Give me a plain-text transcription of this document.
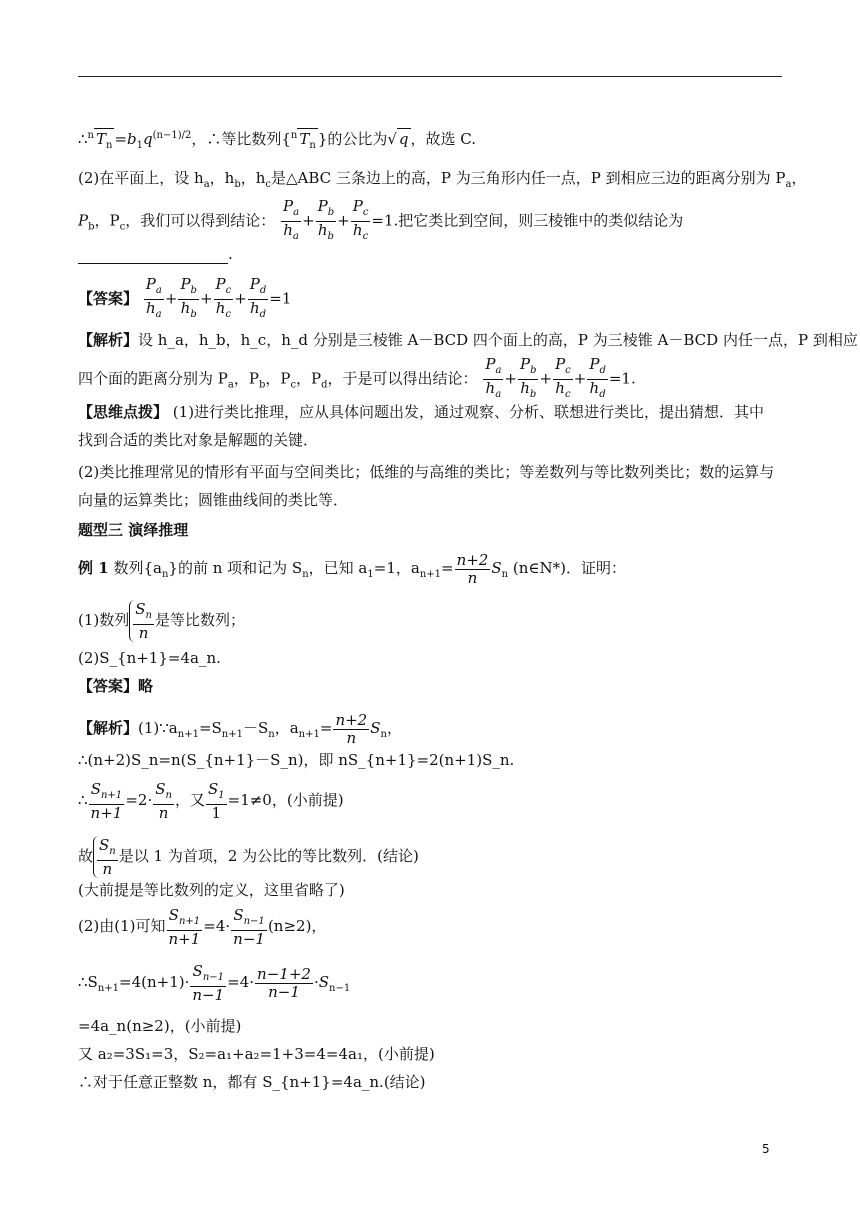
∴$^n$ $T_n =b_1q^{(n-1)/2}$，∴等比数列{$^n$ $T_n$ }的公比为√ q ，故选 C.
(2)在平面上，设 $h_a$，$h_b$，$h_c$是△ABC 三条边上的高，P 为三角形内任一点，P 到相应三边的距离分别为 $P_a$，
$P_b$，$P_c$，我们可以得到结论： $\frac{P_a}{h_a} + \frac{P_b}{h_b} + \frac{P_c}{h_c} =1$.把它类比到空间，则三棱锥中的类似结论为
.
【答案】 $\frac{P_a}{h_a} + \frac{P_b}{h_b} + \frac{P_c}{h_c} + \frac{P_d}{h_d} =1$
【解析】设 h_a，h_b，h_c，h_d 分别是三棱锥 A－BCD 四个面上的高，P 为三棱锥 A－BCD 内任一点，P 到相应
四个面的距离分别为 $P_a$，$P_b$，$P_c$，$P_d$，于是可以得出结论： $\frac{P_a}{h_a} + \frac{P_b}{h_b} + \frac{P_c}{h_c} + \frac{P_d}{h_d} =1$.
【思维点拨】 (1)进行类比推理，应从具体问题出发，通过观察、分析、联想进行类比，提出猜想．其中
找到合适的类比对象是解题的关键．
(2)类比推理常见的情形有平面与空间类比；低维的与高维的类比；等差数列与等比数列类比；数的运算与
向量的运算类比；圆锥曲线间的类比等．
题型三 演绎推理
例 1 数列$\{a_n\}$的前 n 项和记为 $S_n$，已知 $a_1=1$，$a_{n+1}= \frac{n+2}{n} S_n$ (n∈N*)．证明：
(1)数列 $\frac{S_n}{n}$ 是等比数列；
(2)S_{n+1}=4a_n.
【答案】略
【解析】$(1)\because a_{n+1}=S_{n+1}-S_n$，$a_{n+1}= \frac{n+2}{n} S_n$，
∴(n+2)S_n=n(S_{n+1}－S_n)，即 nS_{n+1}=2(n+1)S_n.
∴ $\frac{S_{n+1}}{n+1} =2\cdot \frac{S_n}{n}$ ，又 $\frac{S_1}{1} =1\ne 0$，(小前提)
故 $\frac{S_n}{n}$ 是以 1 为首项，2 为公比的等比数列．(结论)
(大前提是等比数列的定义，这里省略了)
(2)由(1)可知 $\frac{S_{n+1}}{n+1} =4\cdot \frac{S_{n-1}}{n-1} (n\ge 2)$，
$\therefore S_{n+1}=4(n+1)\cdot \frac{S_{n-1}}{n-1} =4\cdot \frac{n-1+2}{n-1} \cdot S_{n-1}$
=4a_n(n≥2)，(小前提)
又 a₂=3S₁=3，S₂=a₁+a₂=1+3=4=4a₁，(小前提)
∴对于任意正整数 n，都有 S_{n+1}=4a_n.(结论)
5
